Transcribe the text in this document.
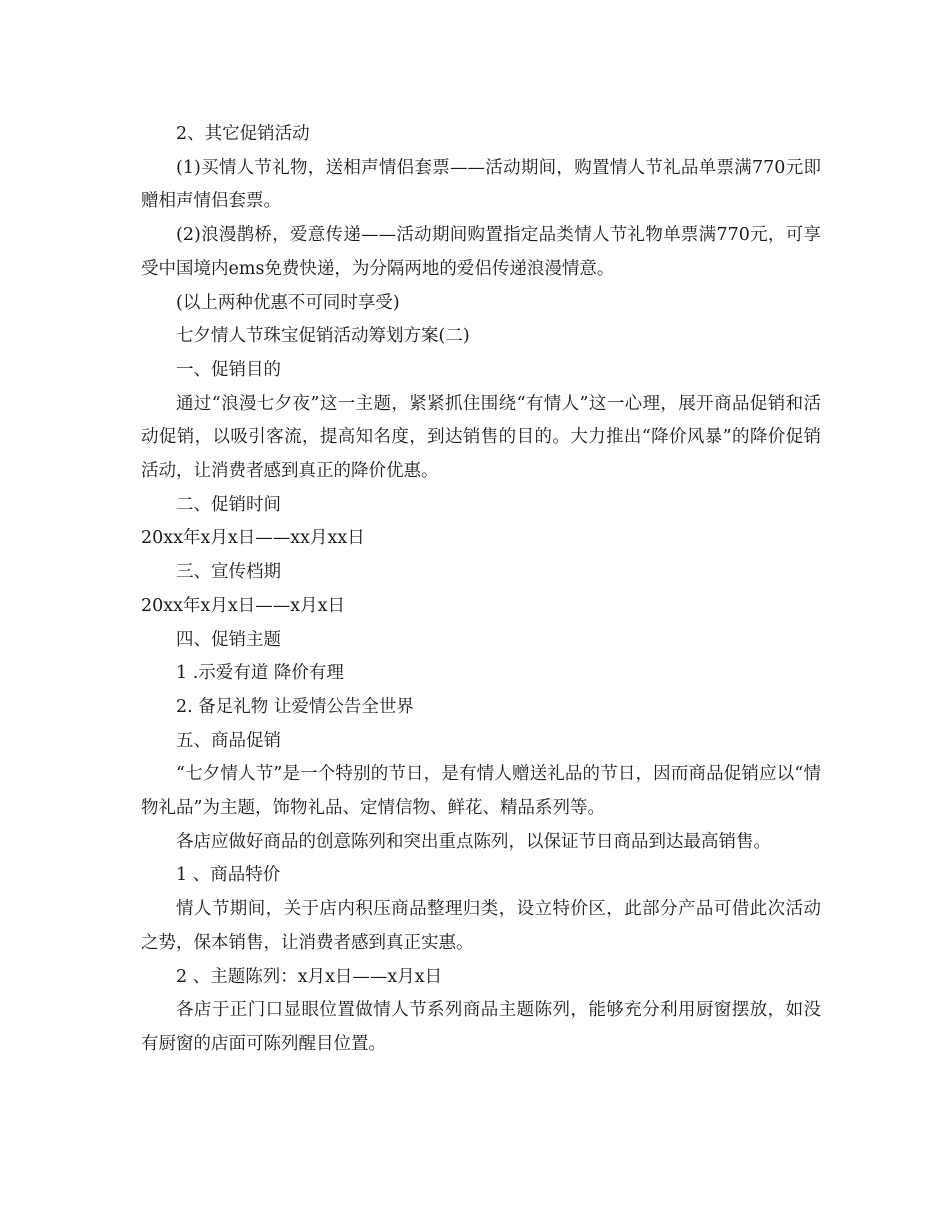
2、其它促销活动

(1)买情人节礼物，送相声情侣套票——活动期间，购置情人节礼品单票满770元即赠相声情侣套票。

(2)浪漫鹊桥，爱意传递——活动期间购置指定品类情人节礼物单票满770元，可享受中国境内ems免费快递，为分隔两地的爱侣传递浪漫情意。

(以上两种优惠不可同时享受)

七夕情人节珠宝促销活动筹划方案(二)

一、促销目的

通过“浪漫七夕夜”这一主题，紧紧抓住围绕“有情人”这一心理，展开商品促销和活动促销，以吸引客流，提高知名度，到达销售的目的。大力推出“降价风暴”的降价促销活动，让消费者感到真正的降价优惠。

二、促销时间

20xx年x月x日——xx月xx日

三、宣传档期

20xx年x月x日——x月x日

四、促销主题

1 .示爱有道 降价有理

2. 备足礼物 让爱情公告全世界

五、商品促销

“七夕情人节”是一个特别的节日，是有情人赠送礼品的节日，因而商品促销应以“情物礼品”为主题，饰物礼品、定情信物、鲜花、精品系列等。

各店应做好商品的创意陈列和突出重点陈列，以保证节日商品到达最高销售。

1 、商品特价

情人节期间，关于店内积压商品整理归类，设立特价区，此部分产品可借此次活动之势，保本销售，让消费者感到真正实惠。

2 、主题陈列：x月x日——x月x日

各店于正门口显眼位置做情人节系列商品主题陈列，能够充分利用厨窗摆放，如没有厨窗的店面可陈列醒目位置。
